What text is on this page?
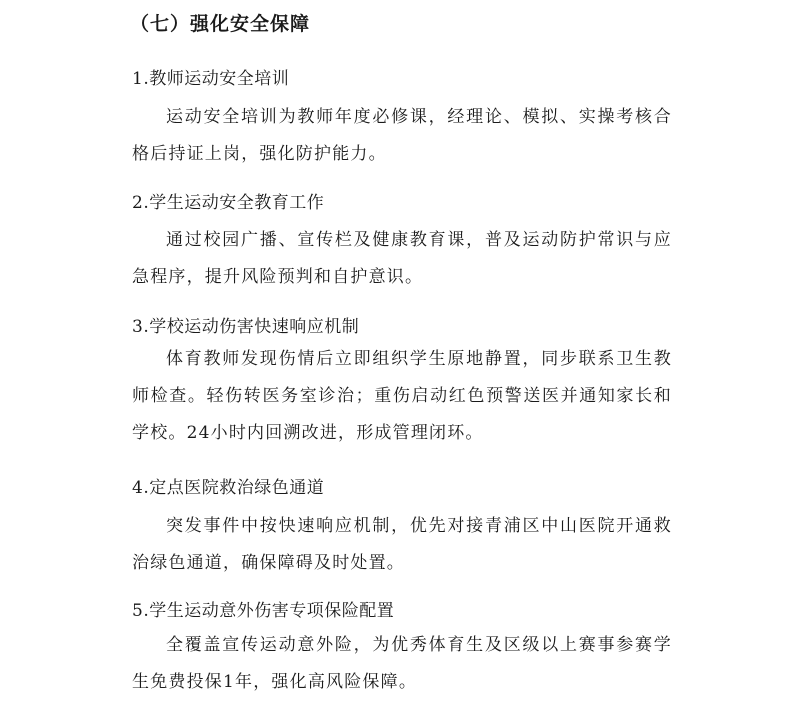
（七）强化安全保障
1.教师运动安全培训
运动安全培训为教师年度必修课，经理论、模拟、实操考核合格后持证上岗，强化防护能力。
2.学生运动安全教育工作
通过校园广播、宣传栏及健康教育课，普及运动防护常识与应急程序，提升风险预判和自护意识。
3.学校运动伤害快速响应机制
体育教师发现伤情后立即组织学生原地静置，同步联系卫生教师检查。轻伤转医务室诊治；重伤启动红色预警送医并通知家长和学校。24小时内回溯改进，形成管理闭环。
4.定点医院救治绿色通道
突发事件中按快速响应机制，优先对接青浦区中山医院开通救治绿色通道，确保障碍及时处置。
5.学生运动意外伤害专项保险配置
全覆盖宣传运动意外险，为优秀体育生及区级以上赛事参赛学生免费投保1年，强化高风险保障。
